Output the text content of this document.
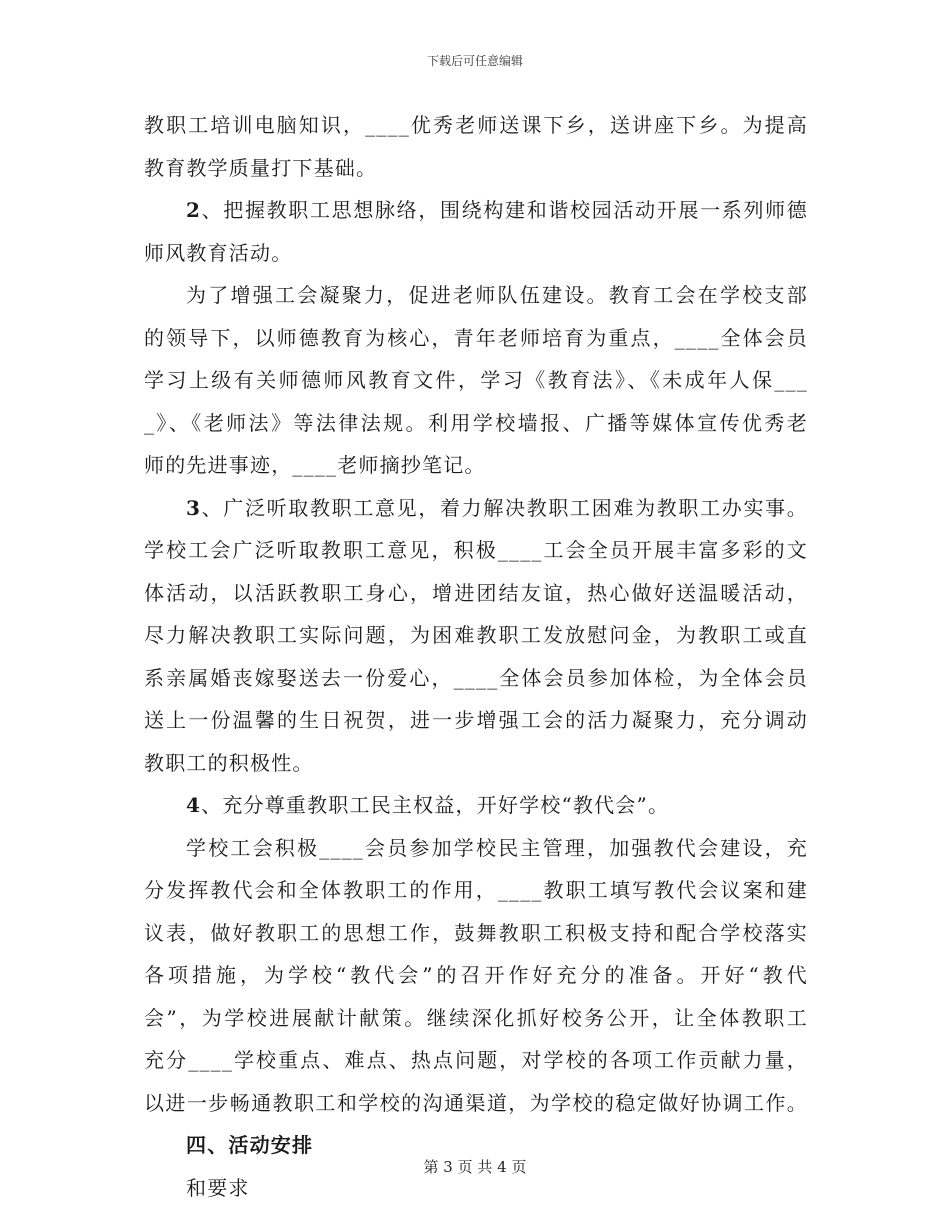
下载后可任意编辑
教职工培训电脑知识，____优秀老师送课下乡，送讲座下乡。为提高
教育教学质量打下基础。
2、把握教职工思想脉络，围绕构建和谐校园活动开展一系列师德
师风教育活动。
为了增强工会凝聚力，促进老师队伍建设。教育工会在学校支部
的领导下，以师德教育为核心，青年老师培育为重点，____全体会员
学习上级有关师德师风教育文件，学习《教育法》、《未成年人保___
_》、《老师法》等法律法规。利用学校墙报、广播等媒体宣传优秀老
师的先进事迹，____老师摘抄笔记。
3、广泛听取教职工意见，着力解决教职工困难为教职工办实事。
学校工会广泛听取教职工意见，积极____工会全员开展丰富多彩的文
体活动，以活跃教职工身心，增进团结友谊，热心做好送温暖活动，
尽力解决教职工实际问题，为困难教职工发放慰问金，为教职工或直
系亲属婚丧嫁娶送去一份爱心，____全体会员参加体检，为全体会员
送上一份温馨的生日祝贺，进一步增强工会的活力凝聚力，充分调动
教职工的积极性。
4、充分尊重教职工民主权益，开好学校“教代会”。
学校工会积极____会员参加学校民主管理，加强教代会建设，充
分发挥教代会和全体教职工的作用，____教职工填写教代会议案和建
议表，做好教职工的思想工作，鼓舞教职工积极支持和配合学校落实
各项措施，为学校“教代会”的召开作好充分的准备。开好“教代
会”，为学校进展献计献策。继续深化抓好校务公开，让全体教职工
充分____学校重点、难点、热点问题，对学校的各项工作贡献力量，
以进一步畅通教职工和学校的沟通渠道，为学校的稳定做好协调工作。
四、活动安排
和要求
第 3 页 共 4 页
